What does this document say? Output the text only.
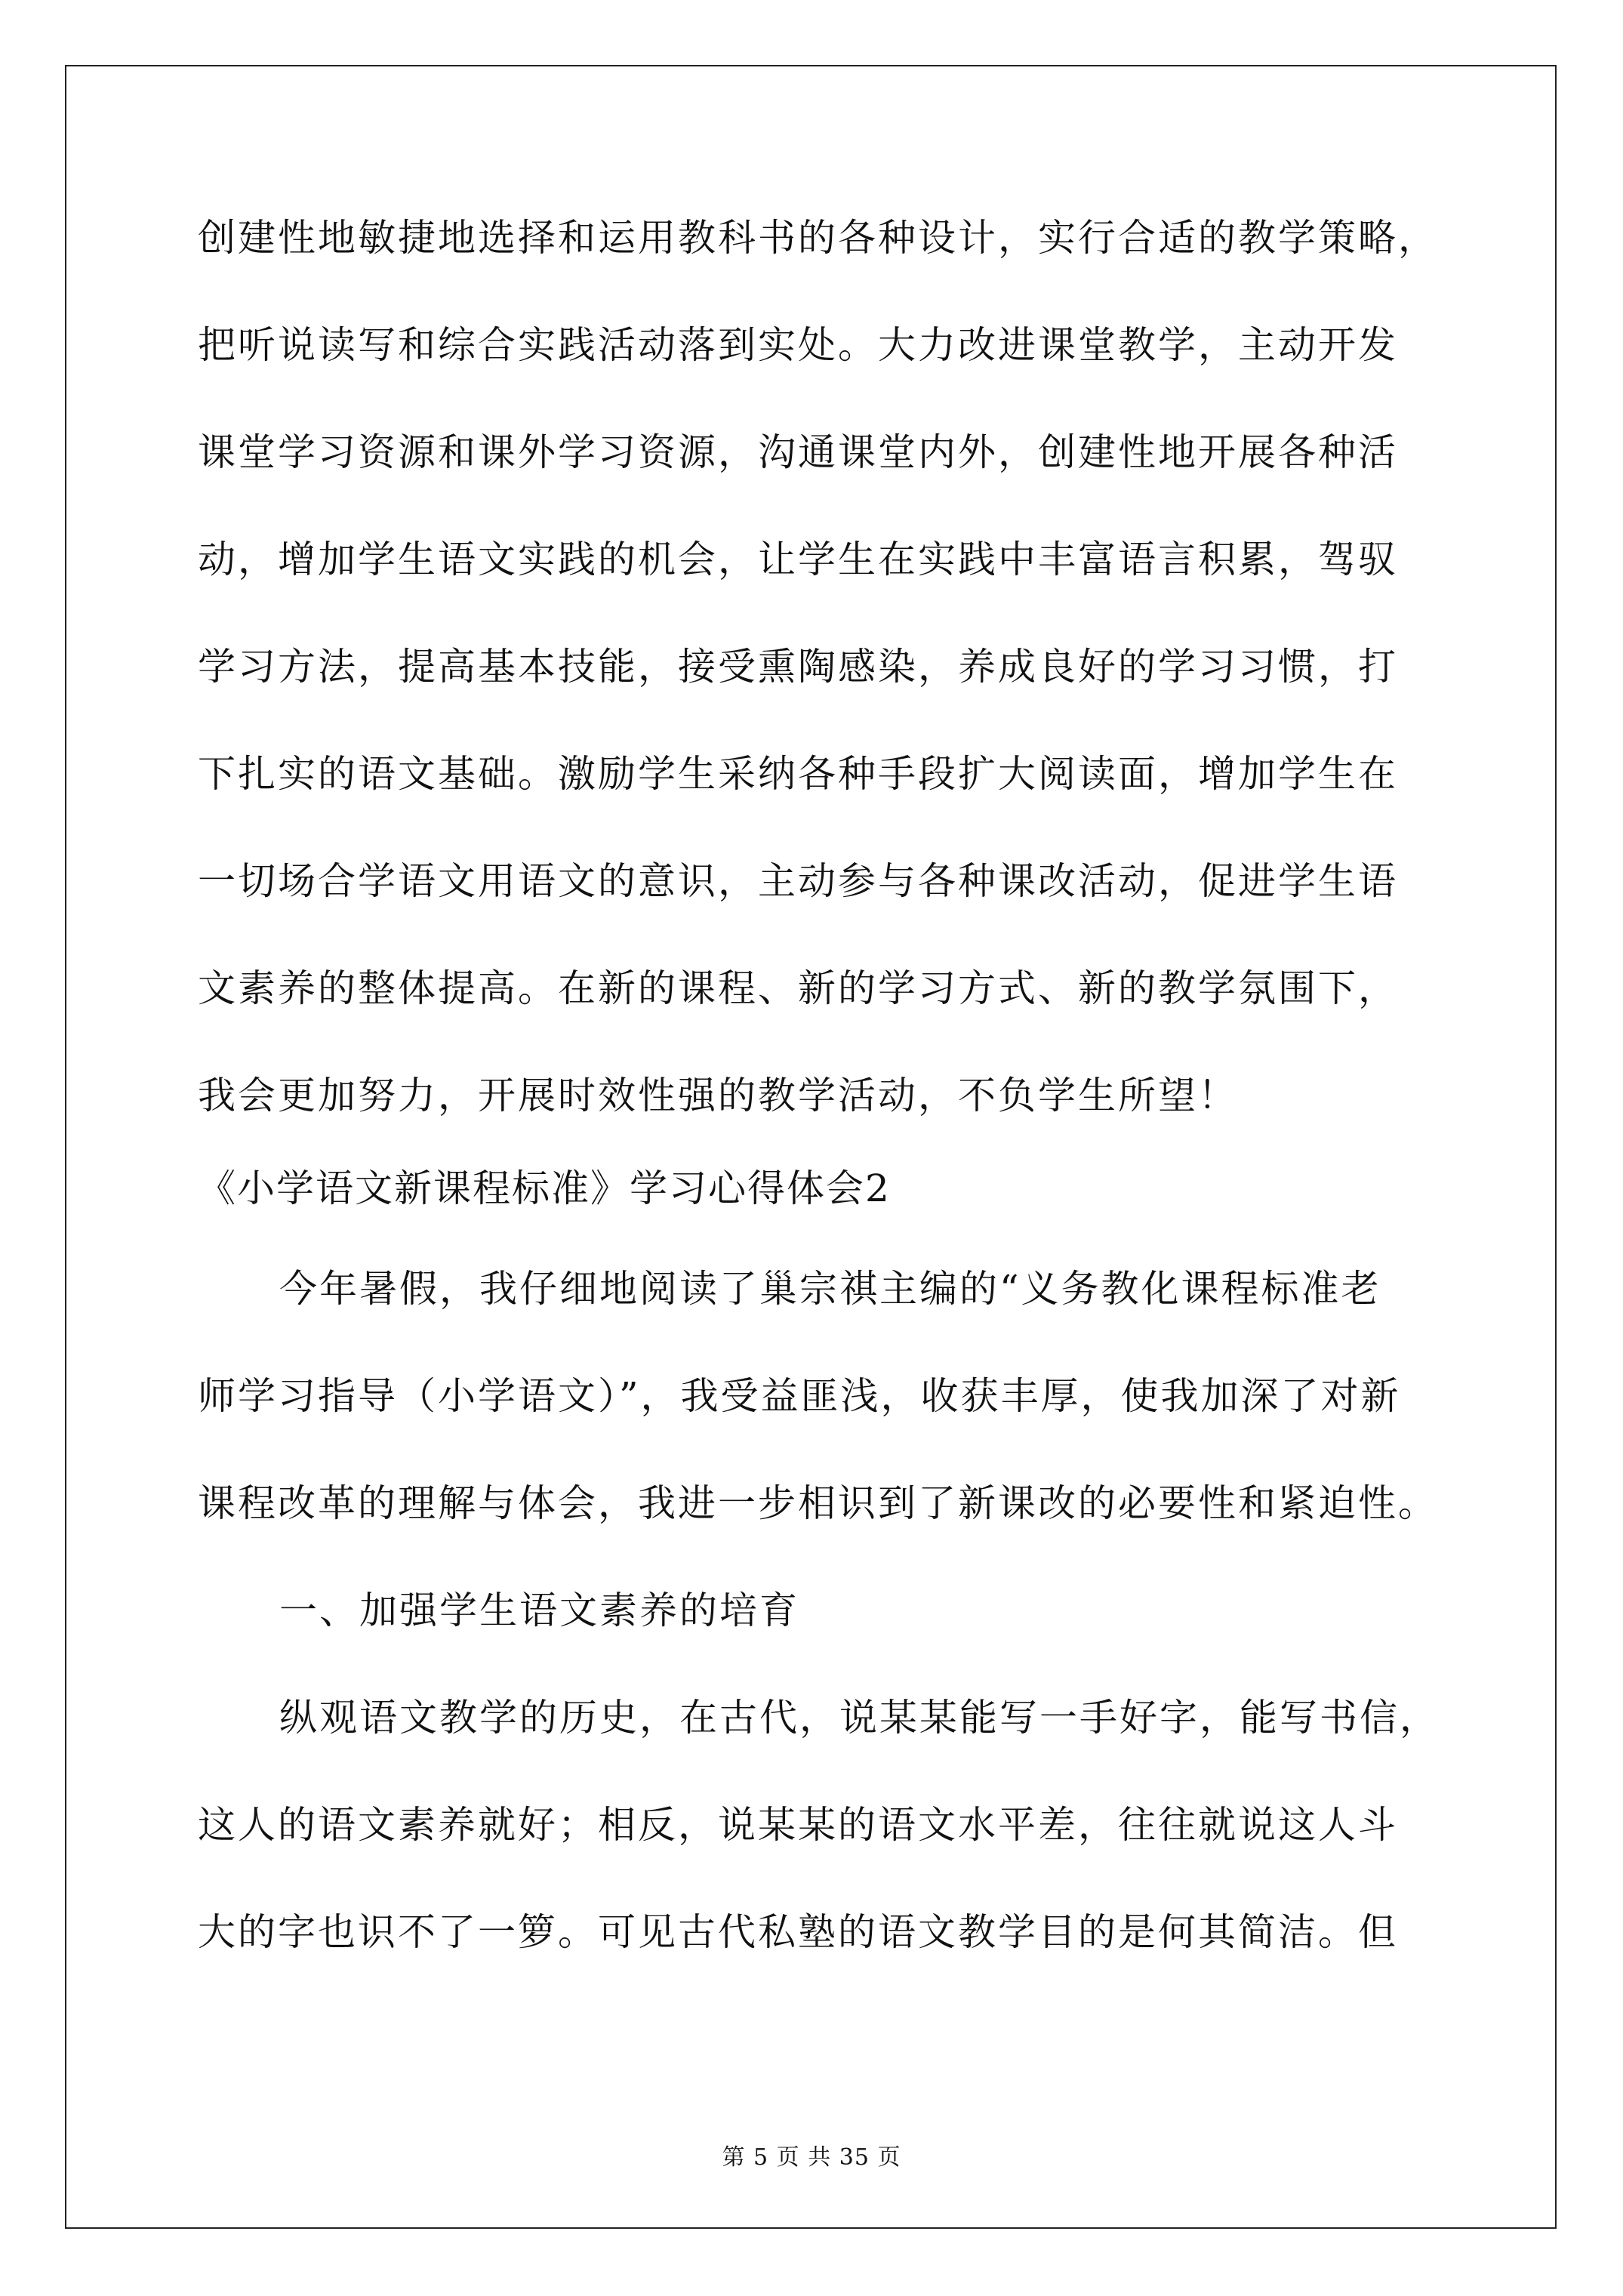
创建性地敏捷地选择和运用教科书的各种设计，实行合适的教学策略，
把听说读写和综合实践活动落到实处。大力改进课堂教学，主动开发
课堂学习资源和课外学习资源，沟通课堂内外，创建性地开展各种活
动，增加学生语文实践的机会，让学生在实践中丰富语言积累，驾驭
学习方法，提高基本技能，接受熏陶感染，养成良好的学习习惯，打
下扎实的语文基础。激励学生采纳各种手段扩大阅读面，增加学生在
一切场合学语文用语文的意识，主动参与各种课改活动，促进学生语
文素养的整体提高。在新的课程、新的学习方式、新的教学氛围下，
我会更加努力，开展时效性强的教学活动，不负学生所望！
《小学语文新课程标准》学习心得体会2
今年暑假，我仔细地阅读了巢宗祺主编的“义务教化课程标准老
师学习指导（小学语文）”，我受益匪浅，收获丰厚，使我加深了对新
课程改革的理解与体会，我进一步相识到了新课改的必要性和紧迫性。
一、加强学生语文素养的培育
纵观语文教学的历史，在古代，说某某能写一手好字，能写书信，
这人的语文素养就好；相反，说某某的语文水平差，往往就说这人斗
大的字也识不了一箩。可见古代私塾的语文教学目的是何其简洁。但
第 5 页 共 35 页
